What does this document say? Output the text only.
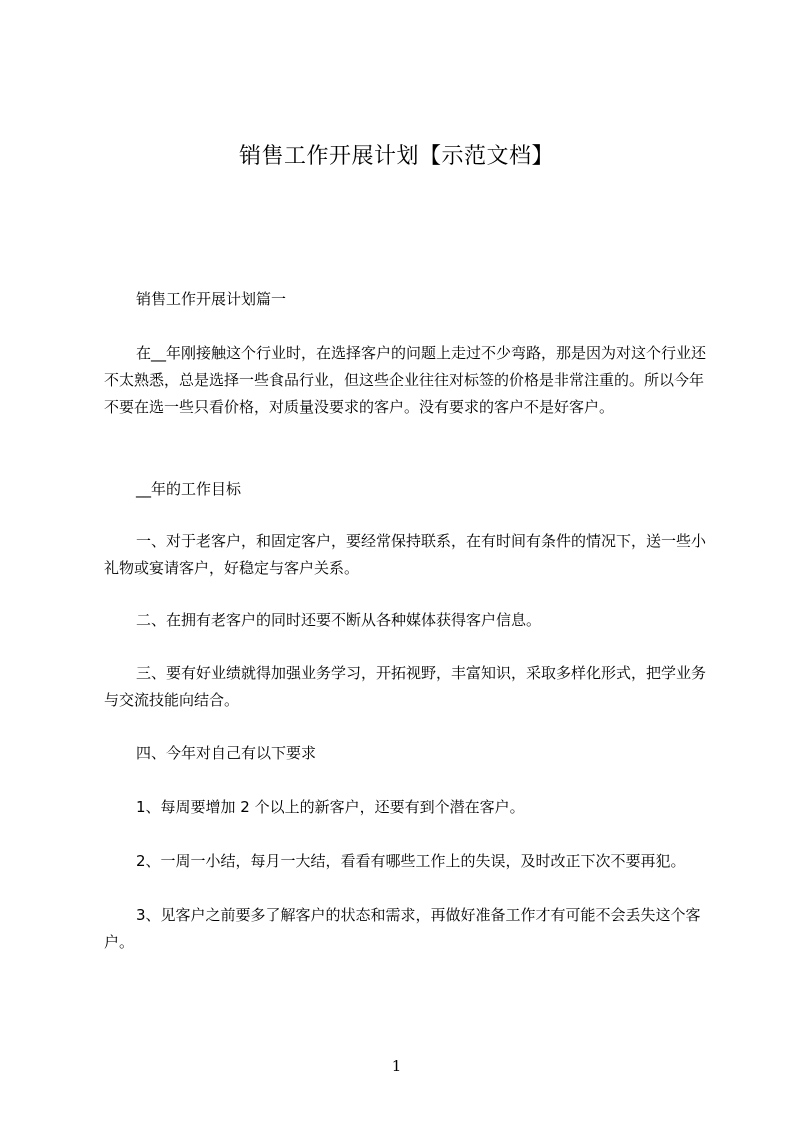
销售工作开展计划【示范文档】

销售工作开展计划篇一

在__年刚接触这个行业时，在选择客户的问题上走过不少弯路，那是因为对这个行业还不太熟悉，总是选择一些食品行业，但这些企业往往对标签的价格是非常注重的。所以今年不要在选一些只看价格，对质量没要求的客户。没有要求的客户不是好客户。

__年的工作目标

一、对于老客户，和固定客户，要经常保持联系，在有时间有条件的情况下，送一些小礼物或宴请客户，好稳定与客户关系。

二、在拥有老客户的同时还要不断从各种媒体获得客户信息。

三、要有好业绩就得加强业务学习，开拓视野，丰富知识，采取多样化形式，把学业务与交流技能向结合。

四、今年对自己有以下要求

1、每周要增加 2 个以上的新客户，还要有到个潜在客户。

2、一周一小结，每月一大结，看看有哪些工作上的失误，及时改正下次不要再犯。

3、见客户之前要多了解客户的状态和需求，再做好准备工作才有可能不会丢失这个客户。

1
